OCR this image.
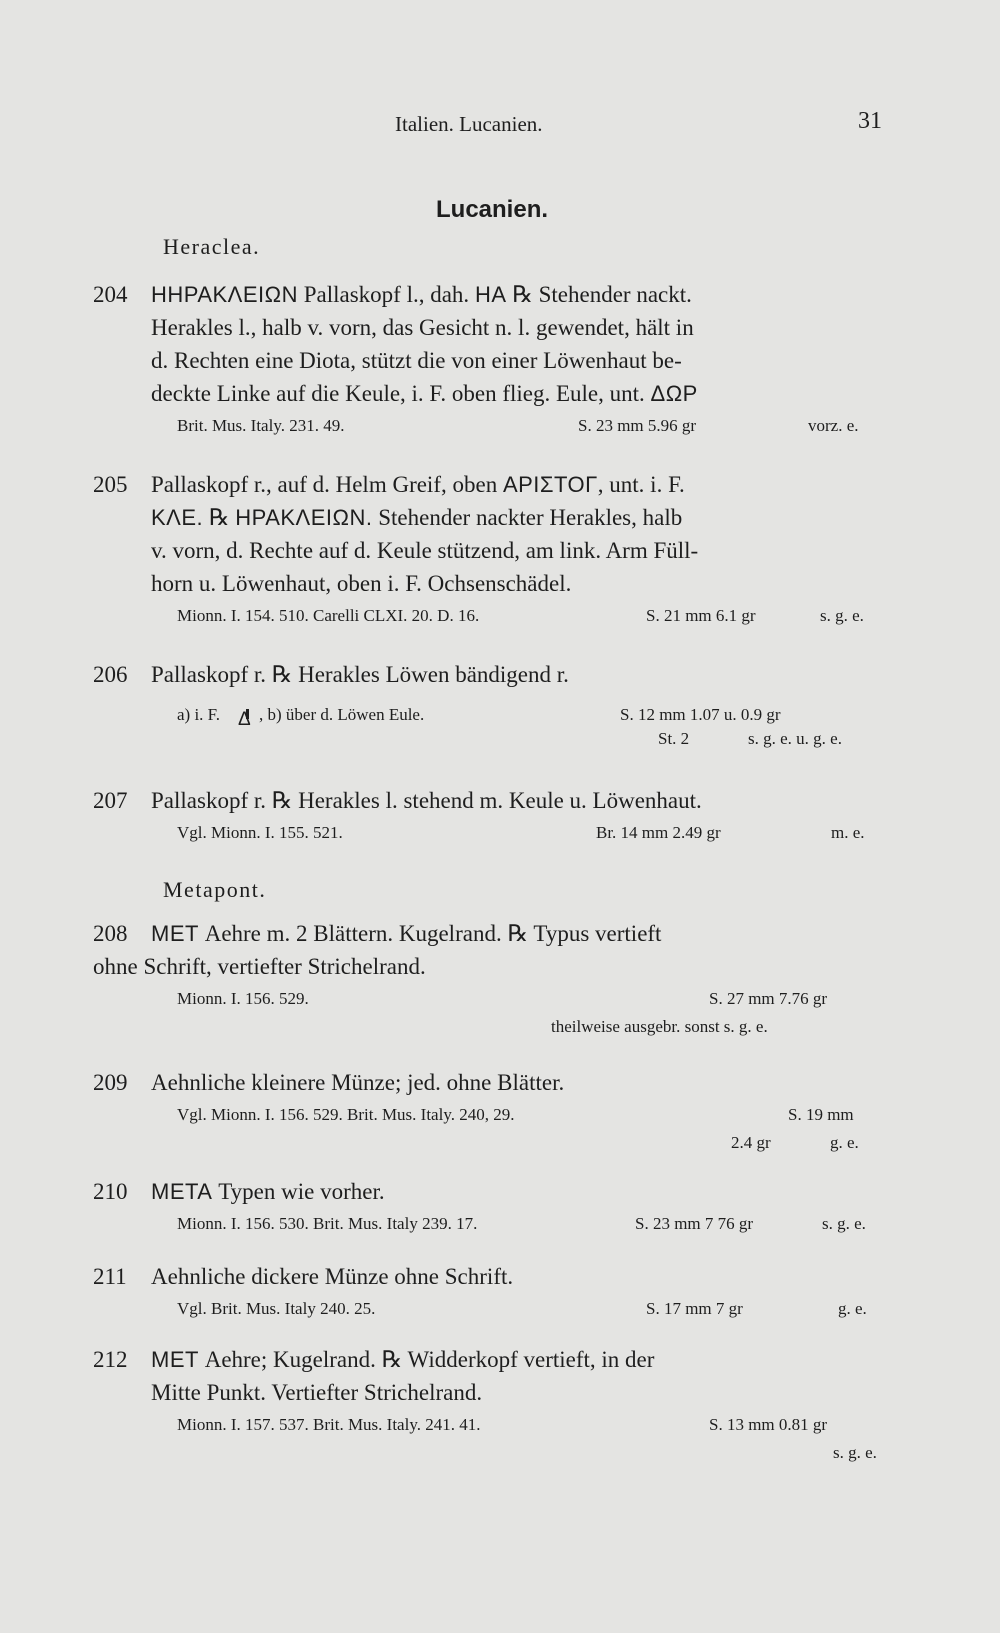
Italien. Lucanien.	31
Lucanien.
Heraclea.
204 ΗΗΡΑΚΛΕΙΩΝ Pallaskopf l., dah. ΗΑ ℞ Stehender nackt.
Herakles l., halb v. vorn, das Gesicht n. l. gewendet, hält in
d. Rechten eine Diota, stützt die von einer Löwenhaut be-
deckte Linke auf die Keule, i. F. oben flieg. Eule, unt. ΔΩΡ
Brit. Mus. Italy. 231. 49.	S. 23 mm 5.96 gr	vorz. e.
205 Pallaskopf r., auf d. Helm Greif, oben ΑΡΙΣΤΟΓ, unt. i. F.
ΚΛΕ. ℞ ΗΡΑΚΛΕΙΩΝ. Stehender nackter Herakles, halb
v. vorn, d. Rechte auf d. Keule stützend, am link. Arm Füll-
horn u. Löwenhaut, oben i. F. Ochsenschädel.
Mionn. I. 154. 510. Carelli CLXI. 20. D. 16.	S. 21 mm 6.1 gr	s. g. e.
206 Pallaskopf r. ℞ Herakles Löwen bändigend r.
a) i. F. Δ , b) über d. Löwen Eule.	S. 12 mm 1.07 u. 0.9 gr
St. 2	s. g. e. u. g. e.
207 Pallaskopf r. ℞ Herakles l. stehend m. Keule u. Löwenhaut.
Vgl. Mionn. I. 155. 521.	Br. 14 mm 2.49 gr	m. e.
Metapont.
208 ΜΕΤ Aehre m. 2 Blättern. Kugelrand. ℞ Typus vertieft
ohne Schrift, vertiefter Strichelrand.
Mionn. I. 156. 529.	S. 27 mm 7.76 gr
theilweise ausgebr. sonst s. g. e.
209 Aehnliche kleinere Münze; jed. ohne Blätter.
Vgl. Mionn. I. 156. 529. Brit. Mus. Italy. 240, 29.	S. 19 mm
2.4 gr	g. e.
210 ΜΕΤΑ Typen wie vorher.
Mionn. I. 156. 530. Brit. Mus. Italy 239. 17.	S. 23 mm 7 76 gr	s. g. e.
211 Aehnliche dickere Münze ohne Schrift.
Vgl. Brit. Mus. Italy 240. 25.	S. 17 mm 7 gr	g. e.
212 ΜΕΤ Aehre; Kugelrand. ℞ Widderkopf vertieft, in der
Mitte Punkt. Vertiefter Strichelrand.
Mionn. I. 157. 537. Brit. Mus. Italy. 241. 41.	S. 13 mm 0.81 gr
s. g. e.
